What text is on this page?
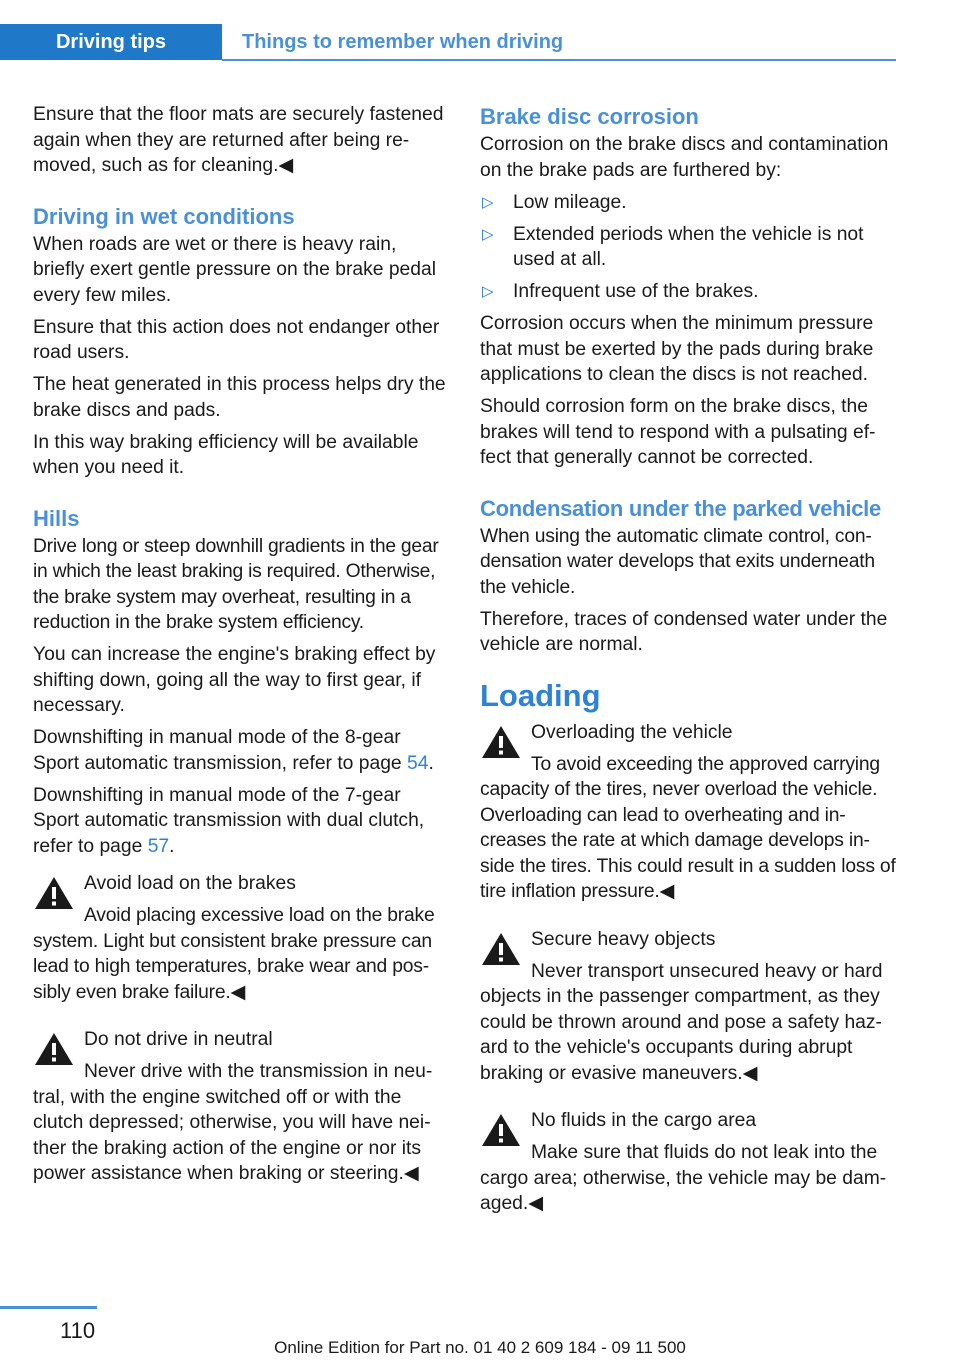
Driving tips	Things to remember when driving

Ensure that the floor mats are securely fastened again when they are returned after being re‐moved, such as for cleaning.◀

Driving in wet conditions

When roads are wet or there is heavy rain, briefly exert gentle pressure on the brake pedal every few miles.

Ensure that this action does not endanger other road users.

The heat generated in this process helps dry the brake discs and pads.

In this way braking efficiency will be available when you need it.

Hills

Drive long or steep downhill gradients in the gear in which the least braking is required. Otherwise, the brake system may overheat, resulting in a reduction in the brake system efficiency.

You can increase the engine's braking effect by shifting down, going all the way to first gear, if necessary.

Downshifting in manual mode of the 8-gear Sport automatic transmission, refer to page 54.

Downshifting in manual mode of the 7-gear Sport automatic transmission with dual clutch, refer to page 57.

Avoid load on the brakes
Avoid placing excessive load on the brake system. Light but consistent brake pressure can lead to high temperatures, brake wear and pos‐sibly even brake failure.◀
Do not drive in neutral
Never drive with the transmission in neu‐tral, with the engine switched off or with the clutch depressed; otherwise, you will have nei‐ther the braking action of the engine or nor its power assistance when braking or steering.◀
Brake disc corrosion

Corrosion on the brake discs and contamination on the brake pads are furthered by:

▷ Low mileage.
▷ Extended periods when the vehicle is not used at all.
▷ Infrequent use of the brakes.

Corrosion occurs when the minimum pressure that must be exerted by the pads during brake applications to clean the discs is not reached.

Should corrosion form on the brake discs, the brakes will tend to respond with a pulsating ef‐fect that generally cannot be corrected.

Condensation under the parked vehicle

When using the automatic climate control, con‐densation water develops that exits underneath the vehicle.

Therefore, traces of condensed water under the vehicle are normal.

Loading
Overloading the vehicle
To avoid exceeding the approved carrying capacity of the tires, never overload the vehicle. Overloading can lead to overheating and in‐creases the rate at which damage develops in‐side the tires. This could result in a sudden loss of tire inflation pressure.◀
Secure heavy objects
Never transport unsecured heavy or hard objects in the passenger compartment, as they could be thrown around and pose a safety haz‐ard to the vehicle's occupants during abrupt braking or evasive maneuvers.◀
No fluids in the cargo area
Make sure that fluids do not leak into the cargo area; otherwise, the vehicle may be dam‐aged.◀
110
Online Edition for Part no. 01 40 2 609 184 - 09 11 500
